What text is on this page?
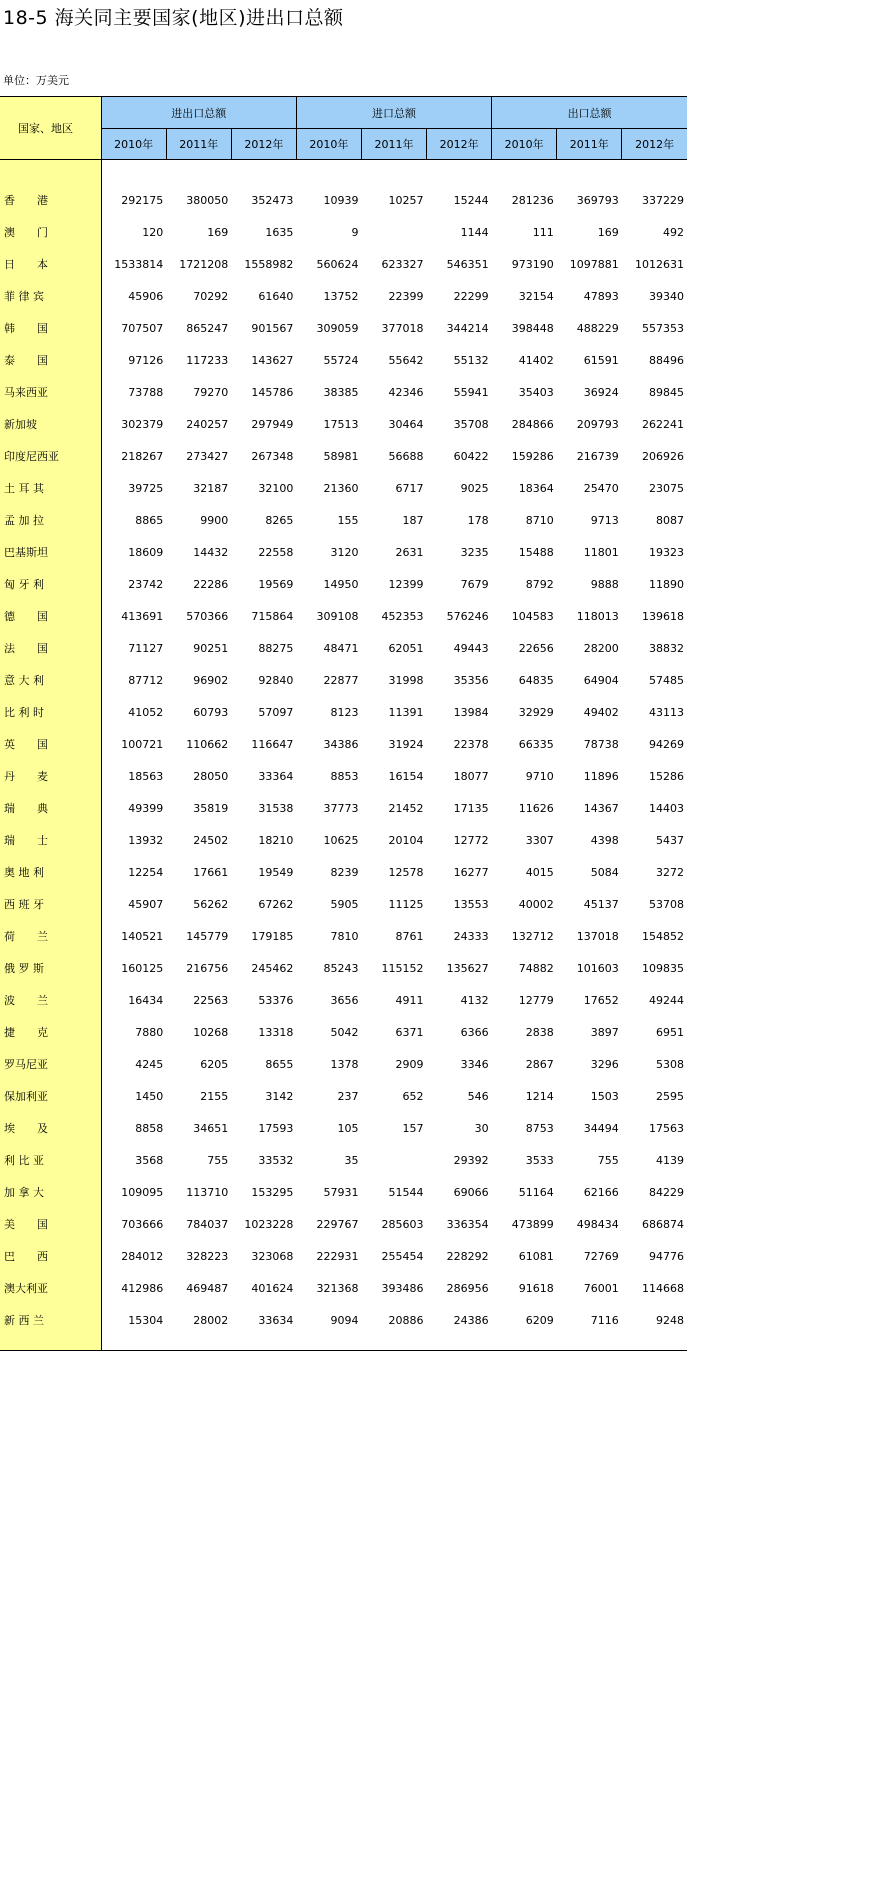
18-5 海关同主要国家(地区)进出口总额
单位：万美元
国家、地区	进出口总额			进口总额			出口总额		
	2010年	2011年	2012年	2010年	2011年	2012年	2010年	2011年	2012年

香　　港	292175	380050	352473	10939	10257	15244	281236	369793	337229
澳　　门	120	169	1635	9		1144	111	169	492
日　　本	1533814	1721208	1558982	560624	623327	546351	973190	1097881	1012631
菲 律 宾	45906	70292	61640	13752	22399	22299	32154	47893	39340
韩　　国	707507	865247	901567	309059	377018	344214	398448	488229	557353
泰　　国	97126	117233	143627	55724	55642	55132	41402	61591	88496
马来西亚	73788	79270	145786	38385	42346	55941	35403	36924	89845
新加坡	302379	240257	297949	17513	30464	35708	284866	209793	262241
印度尼西亚	218267	273427	267348	58981	56688	60422	159286	216739	206926
土 耳 其	39725	32187	32100	21360	6717	9025	18364	25470	23075
孟 加 拉	8865	9900	8265	155	187	178	8710	9713	8087
巴基斯坦	18609	14432	22558	3120	2631	3235	15488	11801	19323
匈 牙 利	23742	22286	19569	14950	12399	7679	8792	9888	11890
德　　国	413691	570366	715864	309108	452353	576246	104583	118013	139618
法　　国	71127	90251	88275	48471	62051	49443	22656	28200	38832
意 大 利	87712	96902	92840	22877	31998	35356	64835	64904	57485
比 利 时	41052	60793	57097	8123	11391	13984	32929	49402	43113
英　　国	100721	110662	116647	34386	31924	22378	66335	78738	94269
丹　　麦	18563	28050	33364	8853	16154	18077	9710	11896	15286
瑞　　典	49399	35819	31538	37773	21452	17135	11626	14367	14403
瑞　　士	13932	24502	18210	10625	20104	12772	3307	4398	5437
奥 地 利	12254	17661	19549	8239	12578	16277	4015	5084	3272
西 班 牙	45907	56262	67262	5905	11125	13553	40002	45137	53708
荷　　兰	140521	145779	179185	7810	8761	24333	132712	137018	154852
俄 罗 斯	160125	216756	245462	85243	115152	135627	74882	101603	109835
波　　兰	16434	22563	53376	3656	4911	4132	12779	17652	49244
捷　　克	7880	10268	13318	5042	6371	6366	2838	3897	6951
罗马尼亚	4245	6205	8655	1378	2909	3346	2867	3296	5308
保加利亚	1450	2155	3142	237	652	546	1214	1503	2595
埃　　及	8858	34651	17593	105	157	30	8753	34494	17563
利 比 亚	3568	755	33532	35		29392	3533	755	4139
加 拿 大	109095	113710	153295	57931	51544	69066	51164	62166	84229
美　　国	703666	784037	1023228	229767	285603	336354	473899	498434	686874
巴　　西	284012	328223	323068	222931	255454	228292	61081	72769	94776
澳大利亚	412986	469487	401624	321368	393486	286956	91618	76001	114668
新 西 兰	15304	28002	33634	9094	20886	24386	6209	7116	9248
